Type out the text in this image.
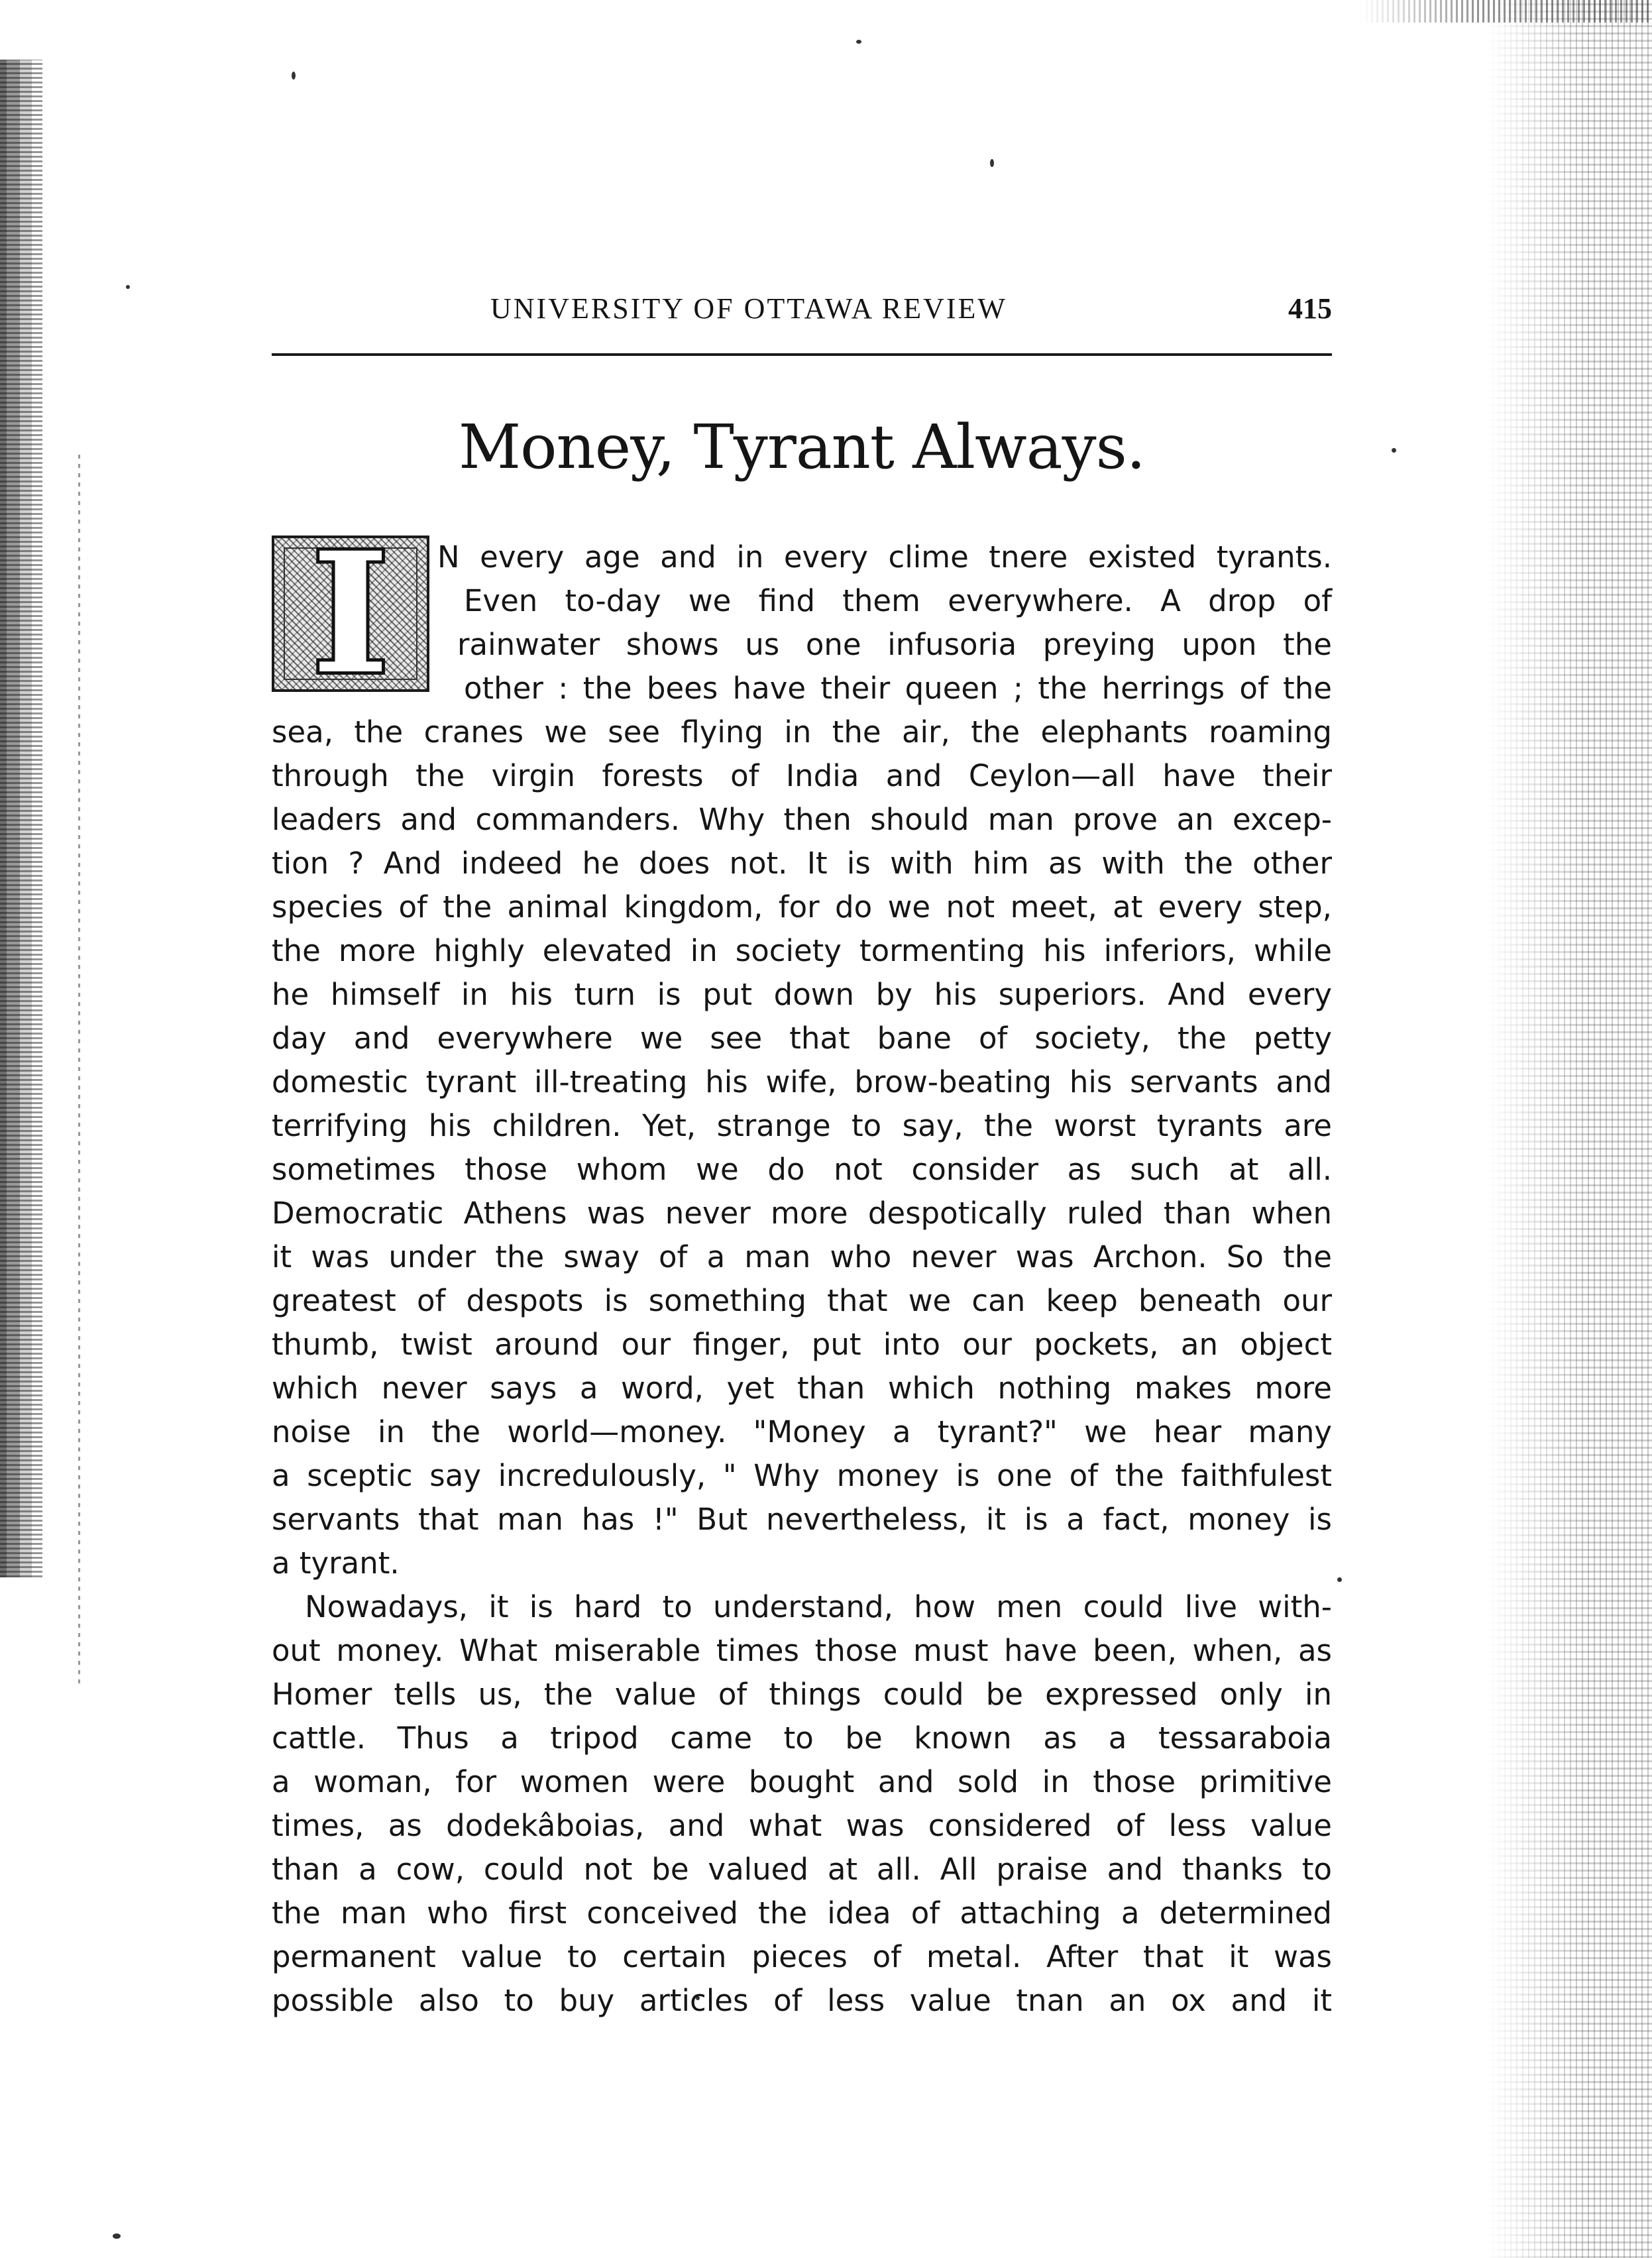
UNIVERSITY OF OTTAWA REVIEW	415
Money, Tyrant Always.
I	N every age and in every clime tnere existed tyrants.
Even to-day we find them everywhere. A drop of
rainwater shows us one infusoria preying upon the
other : the bees have their queen ; the herrings of the
sea, the cranes we see flying in the air, the elephants roaming
through the virgin forests of India and Ceylon—all have their
leaders and commanders. Why then should man prove an excep-
tion ? And indeed he does not. It is with him as with the other
species of the animal kingdom, for do we not meet, at every step,
the more highly elevated in society tormenting his inferiors, while
he himself in his turn is put down by his superiors. And every
day and everywhere we see that bane of society, the petty
domestic tyrant ill-treating his wife, brow-beating his servants and
terrifying his children. Yet, strange to say, the worst tyrants are
sometimes those whom we do not consider as such at all.
Democratic Athens was never more despotically ruled than when
it was under the sway of a man who never was Archon. So the
greatest of despots is something that we can keep beneath our
thumb, twist around our finger, put into our pockets, an object
which never says a word, yet than which nothing makes more
noise in the world—money. "Money a tyrant?" we hear many
a sceptic say incredulously, " Why money is one of the faithfulest
servants that man has !" But nevertheless, it is a fact, money is
a tyrant.
Nowadays, it is hard to understand, how men could live with-
out money. What miserable times those must have been, when, as
Homer tells us, the value of things could be expressed only in
cattle. Thus a tripod came to be known as a tessaraboia
a woman, for women were bought and sold in those primitive
times, as dodekâboias, and what was considered of less value
than a cow, could not be valued at all. All praise and thanks to
the man who first conceived the idea of attaching a determined
permanent value to certain pieces of metal. After that it was
possible also to buy articles of less value tnan an ox and it
